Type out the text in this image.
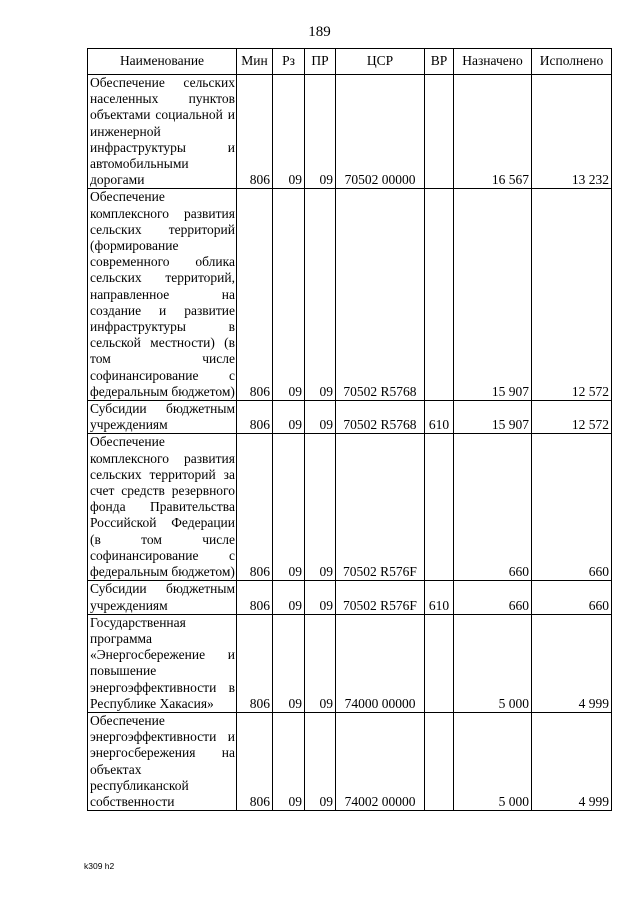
189
Наименование	Мин	Рз	ПР	ЦСР	ВР	Назначено	Исполнено
Обеспечение сельских населенных пунктов объектами социальной и инженерной инфраструктуры и автомобильными дорогами	806	09	09	70502 00000		16 567	13 232
Обеспечение комплексного развития сельских территорий (формирование современного облика сельских территорий, направленное на создание и развитие инфраструктуры в сельской местности) (в том числе софинансирование с федеральным бюджетом)	806	09	09	70502 R5768		15 907	12 572
Субсидии бюджетным учреждениям	806	09	09	70502 R5768	610	15 907	12 572
Обеспечение комплексного развития сельских территорий за счет средств резервного фонда Правительства Российской Федерации (в том числе софинансирование с федеральным бюджетом)	806	09	09	70502 R576F		660	660
Субсидии бюджетным учреждениям	806	09	09	70502 R576F	610	660	660
Государственная программа «Энергосбережение и повышение энергоэффективности в Республике Хакасия»	806	09	09	74000 00000		5 000	4 999
Обеспечение энергоэффективности и энергосбережения на объектах республиканской собственности	806	09	09	74002 00000		5 000	4 999
k309 h2
